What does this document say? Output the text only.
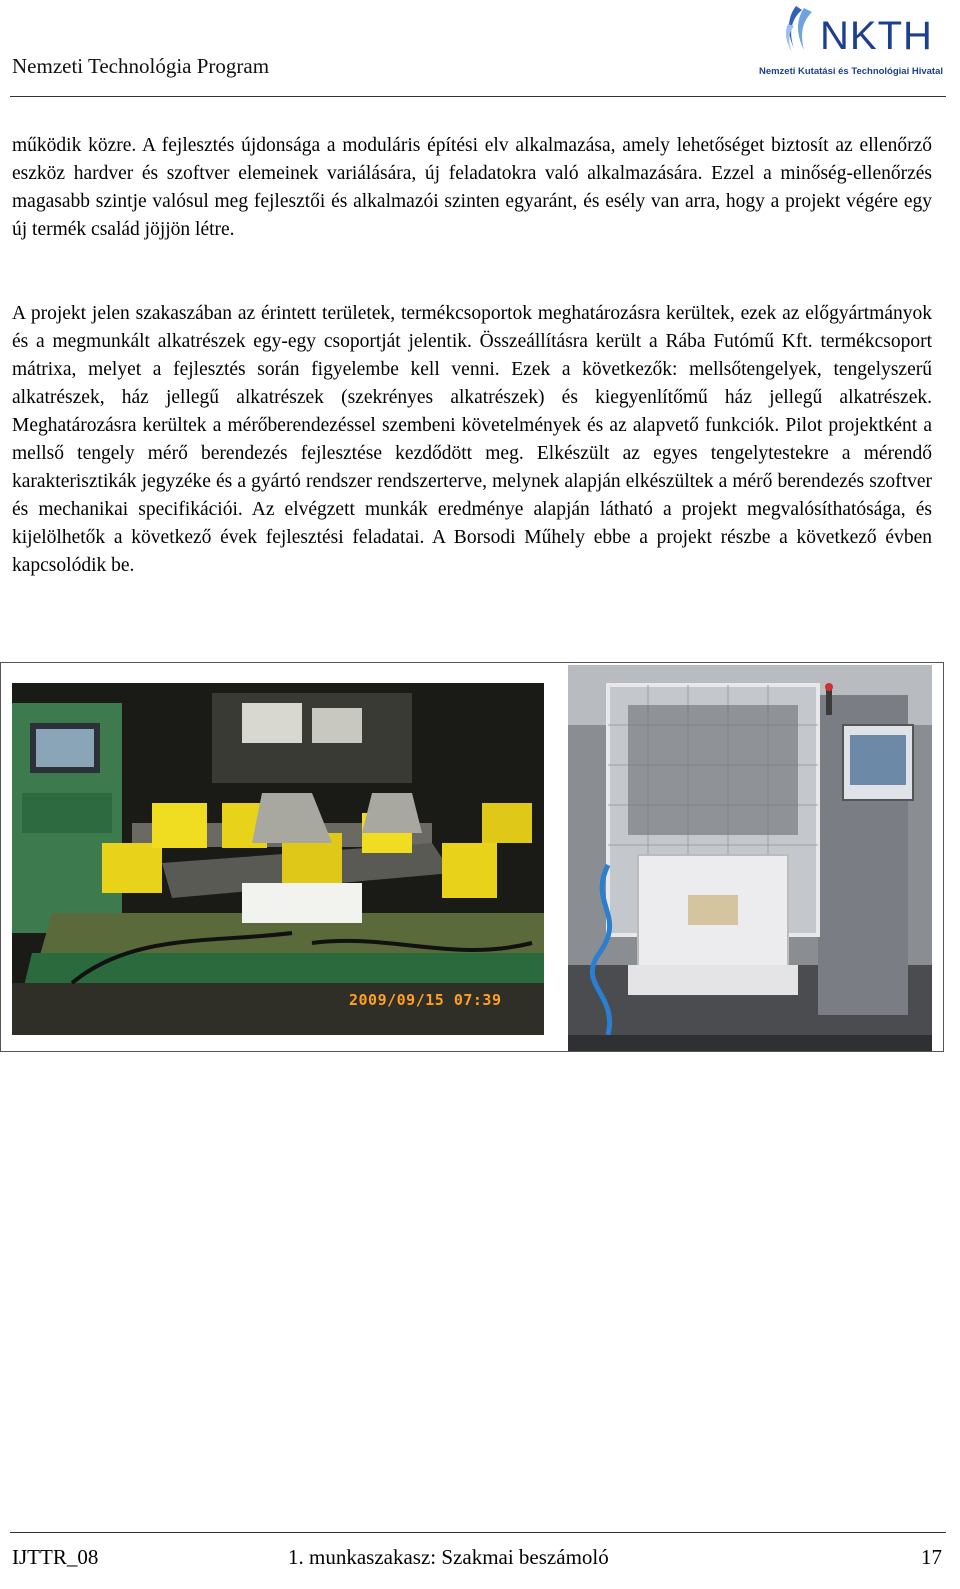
Nemzeti Technológia Program
NKTH
Nemzeti Kutatási és Technológiai Hivatal
működik közre. A fejlesztés újdonsága a moduláris építési elv alkalmazása, amely lehetőséget biztosít az ellenőrző eszköz hardver és szoftver elemeinek variálására, új feladatokra való alkalmazására. Ezzel a minőség-ellenőrzés magasabb szintje valósul meg fejlesztői és alkalmazói szinten egyaránt, és esély van arra, hogy a projekt végére egy új termék család jöjjön létre.
A projekt jelen szakaszában az érintett területek, termékcsoportok meghatározásra kerültek, ezek az előgyártmányok és a megmunkált alkatrészek egy-egy csoportját jelentik. Összeállításra került a Rába Futómű Kft. termékcsoport mátrixa, melyet a fejlesztés során figyelembe kell venni. Ezek a következők: mellsőtengelyek, tengelyszerű alkatrészek, ház jellegű alkatrészek (szekrényes alkatrészek) és kiegyenlítőmű ház jellegű alkatrészek. Meghatározásra kerültek a mérőberendezéssel szembeni követelmények és az alapvető funkciók. Pilot projektként a mellső tengely mérő berendezés fejlesztése kezdődött meg. Elkészült az egyes tengelytestekre a mérendő karakterisztikák jegyzéke és a gyártó rendszer rendszerterve, melynek alapján elkészültek a mérő berendezés szoftver és mechanikai specifikációi. Az elvégzett munkák eredménye alapján látható a projekt megvalósíthatósága, és kijelölhetők a következő évek fejlesztési feladatai. A Borsodi Műhely ebbe a projekt részbe a következő évben kapcsolódik be.
2009/09/15 07:39
IJTTR_08	1. munkaszakasz: Szakmai beszámoló	17
